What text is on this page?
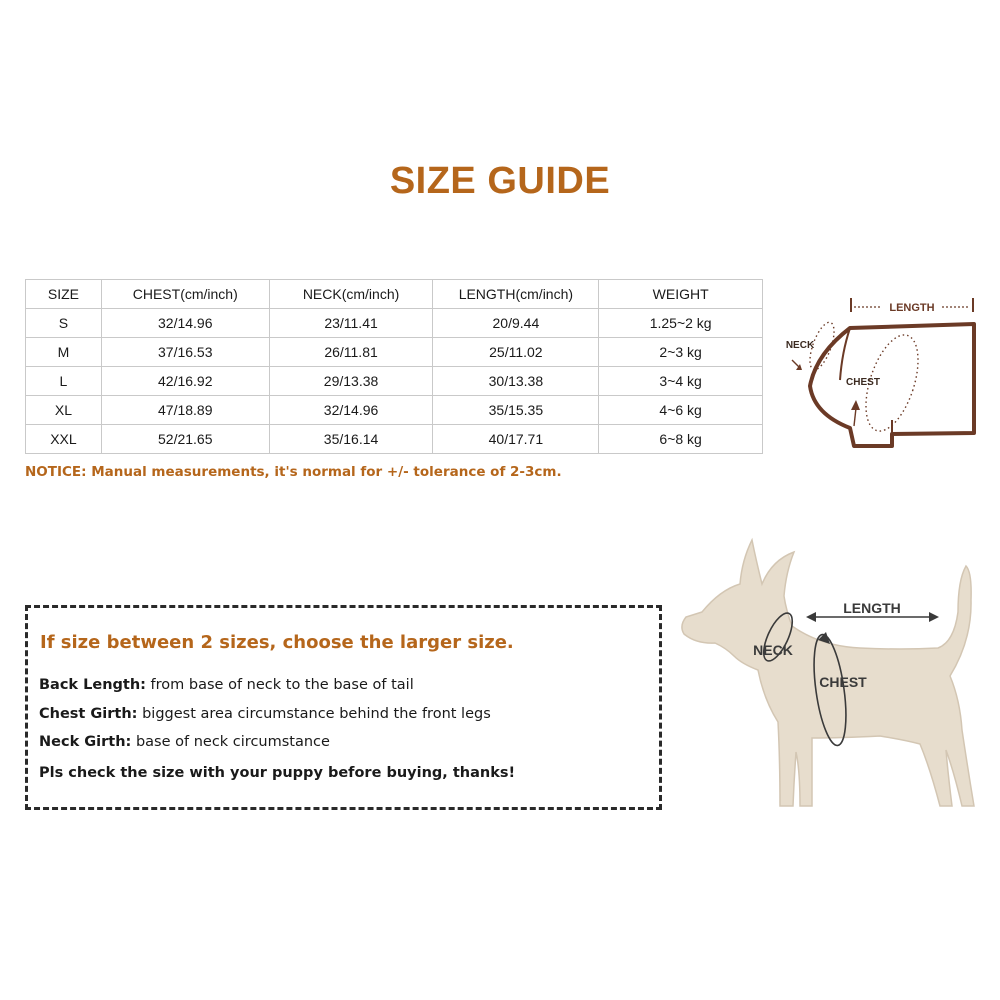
SIZE GUIDE
SIZE	CHEST(cm/inch)	NECK(cm/inch)	LENGTH(cm/inch)	WEIGHT
S	32/14.96	23/11.41	20/9.44	1.25~2 kg
M	37/16.53	26/11.81	25/11.02	2~3 kg
L	42/16.92	29/13.38	30/13.38	3~4 kg
XL	47/18.89	32/14.96	35/15.35	4~6 kg
XXL	52/21.65	35/16.14	40/17.71	6~8 kg
NOTICE: Manual measurements, it's normal for +/- tolerance of 2-3cm.
LENGTH
NECK
CHEST
If size between 2 sizes, choose the larger size.
Back Length: from base of neck to the base of tail
Chest Girth: biggest area circumstance behind the front legs
Neck Girth: base of neck circumstance
Pls check the size with your puppy before buying, thanks!
LENGTH
NECK
CHEST
